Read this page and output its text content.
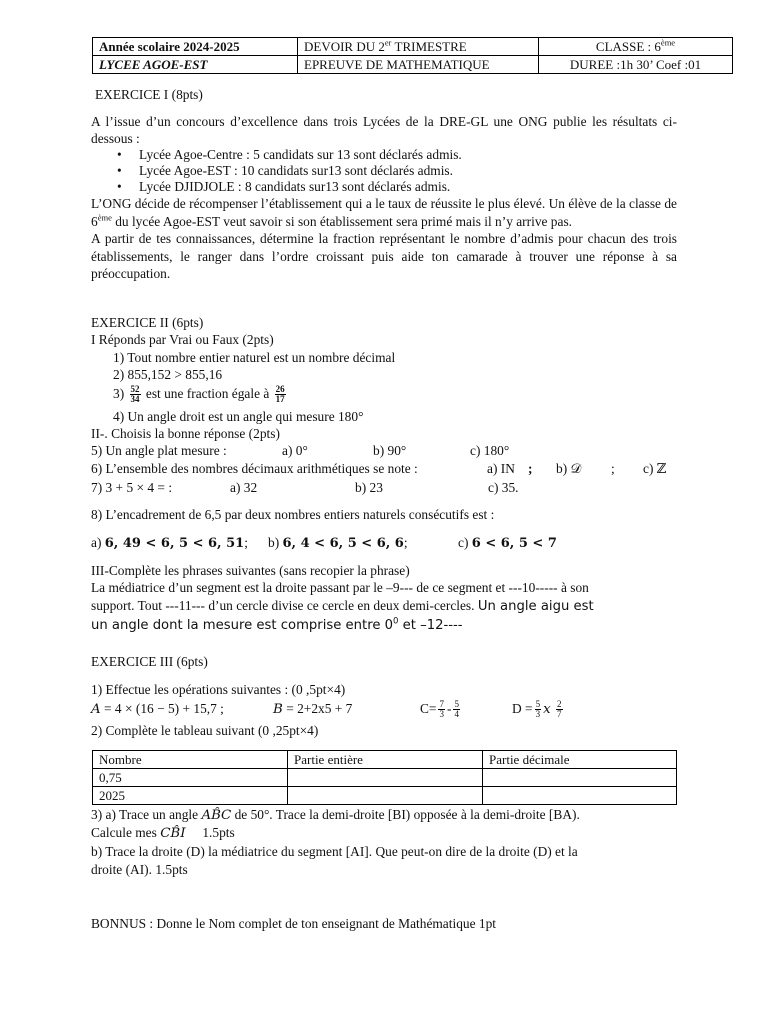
Année scolaire 2024-2025	DEVOIR DU 2er TRIMESTRE	CLASSE : 6ème
LYCEE AGOE-EST	EPREUVE DE MATHEMATIQUE	DUREE :1h 30’ Coef :01
EXERCICE I (8pts)
A l’issue d’un concours d’excellence dans trois Lycées de la DRE-GL une ONG publie les résultats ci-dessous :
• Lycée Agoe-Centre : 5 candidats sur 13 sont déclarés admis.
• Lycée Agoe-EST : 10 candidats sur13 sont déclarés admis.
• Lycée DJIDJOLE : 8 candidats sur13 sont déclarés admis.
L’ONG décide de récompenser l’établissement qui a le taux de réussite le plus élevé. Un élève de la classe de 6ème du lycée Agoe-EST veut savoir si son établissement sera primé mais il n’y arrive pas.
A partir de tes connaissances, détermine la fraction représentant le nombre d’admis pour chacun des trois établissements, le ranger dans l’ordre croissant puis aide ton camarade à trouver une réponse à sa préoccupation.
EXERCICE II (6pts)
I Réponds par Vrai ou Faux (2pts)
1) Tout nombre entier naturel est un nombre décimal
2) 855,152 > 855,16
$3) \frac{52}{34}$ est une fraction égale à $\frac{26}{17}$
4) Un angle droit est un angle qui mesure 180°
II-. Choisis la bonne réponse (2pts)
5) Un angle plat mesure :	a) 0°	b) 90°	c) 180°
6) L’ensemble des nombres décimaux arithmétiques se note :	a) IN ; b) 𝒟 ; c) ℤ
7) 3 + 5 × 4 = :	a) 32	b) 23	c) 35.
8) L’encadrement de 6,5 par deux nombres entiers naturels consécutifs est :
a) 6, 49 < 6, 5 < 6, 51; b) 6, 4 < 6, 5 < 6, 6;	c) 6 < 6, 5 < 7
III-Complète les phrases suivantes (sans recopier la phrase)
La médiatrice d’un segment est la droite passant par le –9--- de ce segment et ---10----- à son
support. Tout ---11--- d’un cercle divise ce cercle en deux demi-cercles. Un angle aigu est
un angle dont la mesure est comprise entre $0^0$ et –12----
EXERCICE III (6pts)
1) Effectue les opérations suivantes : (0 ,5pt×4)
A = 4 × (16 − 5) + 15,7 ;	B = 2+2x5 + 7	$C= \frac{7}{3} - \frac{5}{4}$	$D = \frac{5}{3}$ x $\frac{2}{7}$
2) Complète le tableau suivant (0 ,25pt×4)
Nombre	Partie entière	Partie décimale
0,75		
2025		
3) a) Trace un angle AB̂C de 50°. Trace la demi-droite [BI) opposée à la demi-droite [BA).
Calcule mes CB̂I 1.5pts
b) Trace la droite (D) la médiatrice du segment [AI]. Que peut-on dire de la droite (D) et la
droite (AI). 1.5pts
BONNUS : Donne le Nom complet de ton enseignant de Mathématique 1pt
